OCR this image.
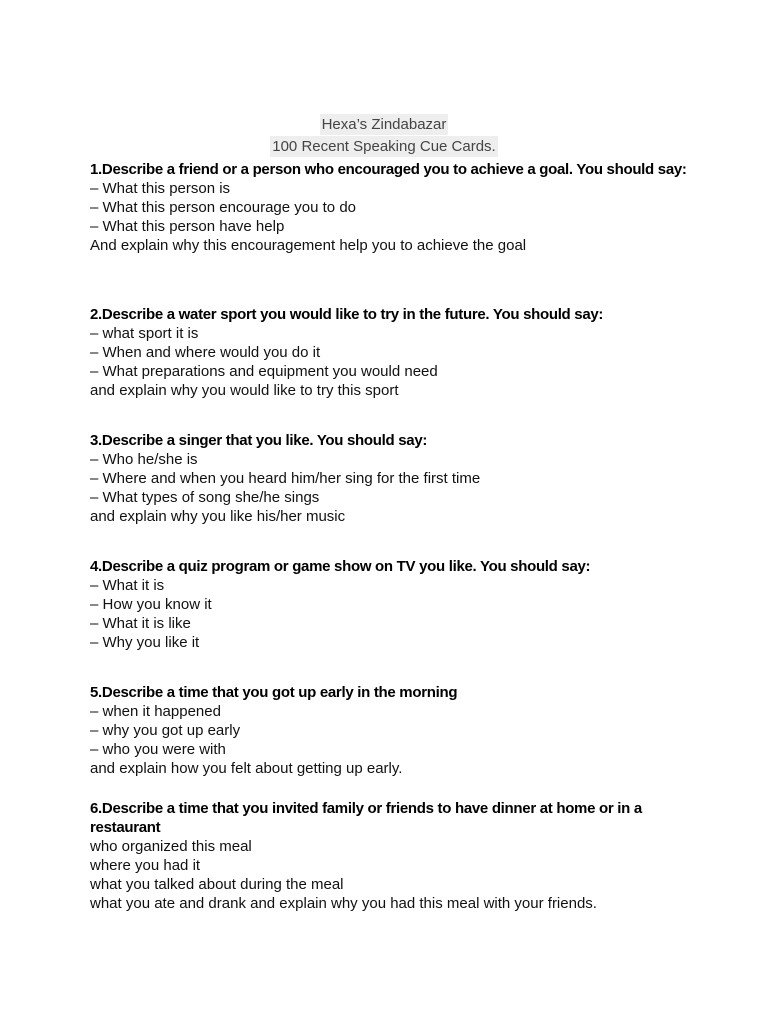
Hexa’s Zindabazar
100 Recent Speaking Cue Cards.

1.Describe a friend or a person who encouraged you to achieve a goal. You should say:

– What this person is

– What this person encourage you to do

– What this person have help

And explain why this encouragement help you to achieve the goal

2.Describe a water sport you would like to try in the future. You should say:

– what sport it is

– When and where would you do it

– What preparations and equipment you would need

and explain why you would like to try this sport

3.Describe a singer that you like. You should say:

– Who he/she is

– Where and when you heard him/her sing for the first time

– What types of song she/he sings

and explain why you like his/her music

4.Describe a quiz program or game show on TV you like. You should say:

– What it is

– How you know it

– What it is like

– Why you like it

5.Describe a time that you got up early in the morning

– when it happened

– why you got up early

– who you were with

and explain how you felt about getting up early.

6.Describe a time that you invited family or friends to have dinner at home or in a restaurant

who organized this meal

where you had it

what you talked about during the meal

what you ate and drank and explain why you had this meal with your friends.
